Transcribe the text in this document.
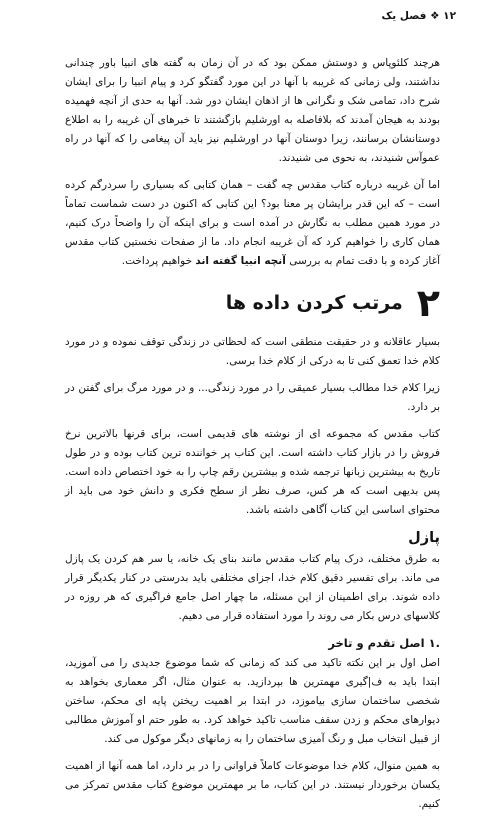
۱۲ ❖ فصل یک

هرچند کلئوپاس و دوستش ممکن بود که در آن زمان به گفته های انبیا باور چندانی نداشتند، ولی زمانی که غریبه با آنها در این مورد گفتگو کرد و پیام انبیا را برای ایشان شرح داد، تمامی شک و نگرانی ها از اذهان ایشان دور شد. آنها به حدی از آنچه فهمیده بودند به هیجان آمدند که بلافاصله به اورشلیم بازگشتند تا خبرهای آن غریبه را به اطلاع دوستانشان برسانند، زیرا دوستان آنها در اورشلیم نیز باید آن پیغامی را که آنها در راه عموآس شنیدند، به نحوی می شنیدند.

اما آن غریبه درباره کتاب مقدس چه گفت – همان کتابی که بسیاری را سردرگم کرده است – که این قدر برایشان پر معنا بود؟ این کتابی که اکنون در دست شماست تماماً در مورد همین مطلب به نگارش در آمده است و برای اینکه آن را واضحاً درک کنیم، همان کاری را خواهیم کرد که آن غریبه انجام داد. ما از صفحات نخستین کتاب مقدس آغاز کرده و با دقت تمام به بررسی آنچه انبیا گفته اند خواهیم پرداخت.

۲
مرتب کردن داده ها

بسیار عاقلانه و در حقیقت منطقی است که لحظاتی در زندگی توقف نموده و در مورد کلام خدا تعمق کنی تا به درکی از کلام خدا برسی.

زیرا کلام خدا مطالب بسیار عمیقی را در مورد زندگی... و در مورد مرگ برای گفتن در بر دارد.

کتاب مقدس که مجموعه ای از نوشته های قدیمی است، برای قرنها بالاترین نرخ فروش را در بازار کتاب داشته است. این کتاب پر خواننده ترین کتاب بوده و در طول تاریخ به بیشترین زبانها ترجمه شده و بیشترین رقم چاپ را به خود اختصاص داده است. پس بدیهی است که هر کس، صرف نظر از سطح فکری و دانش خود می باید از محتوای اساسی این کتاب آگاهی داشته باشد.

پازل

به طرق مختلف، درک پیام کتاب مقدس مانند بنای یک خانه، یا سر هم کردن یک پازل می ماند. برای تفسیر دقیق کلام خدا، اجزای مختلفی باید بدرستی در کنار یکدیگر قرار داده شوند. برای اطمینان از این مسئله، ما چهار اصل جامع فراگیری که هر روزه در کلاسهای درس بکار می روند را مورد استفاده قرار می دهیم.

۱. اصل تقدم و تاخر

اصل اول بر این نکته تاکید می کند که زمانی که شما موضوع جدیدی را می آموزید، ابتدا باید به ف|گیری مهمترین ها بپردازید. به عنوان مثال، اگر معماری بخواهد به شخصی ساختمان سازی بیاموزد، در ابتدا بر اهمیت ریختن پایه ای محکم، ساختن دیوارهای محکم و زدن سقف مناسب تاکید خواهد کرد. به طور حتم او آموزش مطالبی از قبیل انتخاب مبل و رنگ آمیزی ساختمان را به زمانهای دیگر موکول می کند.

به همین منوال، کلام خدا موضوعات کاملاً فراوانی را در بر دارد، اما همه آنها از اهمیت یکسان برخوردار نیستند. در این کتاب، ما بر مهمترین موضوع کتاب مقدس تمرکز می کنیم.
